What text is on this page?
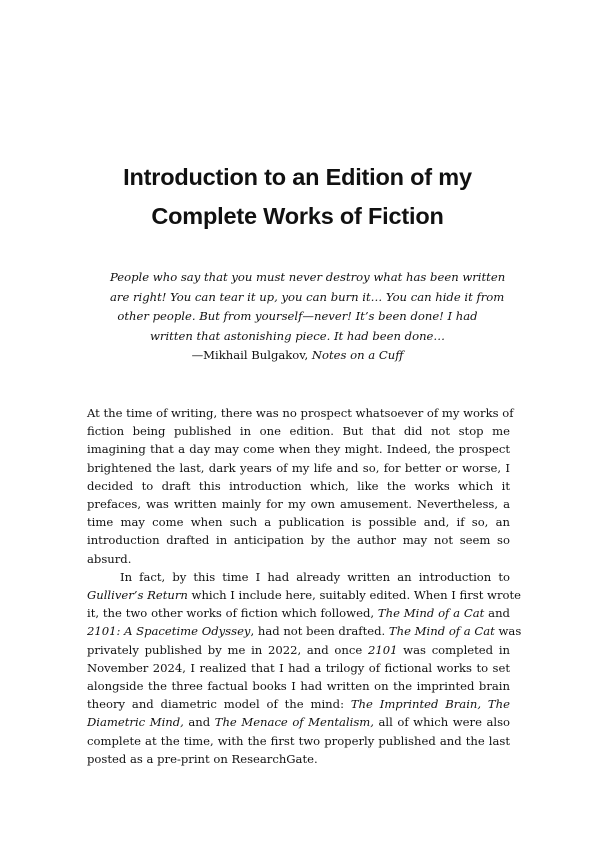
Introduction to an Edition of my
Complete Works of Fiction
People who say that you must never destroy what has been written
are right! You can tear it up, you can burn it… You can hide it from
other people. But from yourself—never! It’s been done! I had
written that astonishing piece. It had been done…
—Mikhail Bulgakov, Notes on a Cuff
At the time of writing, there was no prospect whatsoever of my works of
fiction being published in one edition. But that did not stop me
imagining that a day may come when they might. Indeed, the prospect
brightened the last, dark years of my life and so, for better or worse, I
decided to draft this introduction which, like the works which it
prefaces, was written mainly for my own amusement. Nevertheless, a
time may come when such a publication is possible and, if so, an
introduction drafted in anticipation by the author may not seem so
absurd.
In fact, by this time I had already written an introduction to
Gulliver’s Return which I include here, suitably edited. When I first wrote
it, the two other works of fiction which followed, The Mind of a Cat and
2101: A Spacetime Odyssey, had not been drafted. The Mind of a Cat was
privately published by me in 2022, and once 2101 was completed in
November 2024, I realized that I had a trilogy of fictional works to set
alongside the three factual books I had written on the imprinted brain
theory and diametric model of the mind: The Imprinted Brain, The
Diametric Mind, and The Menace of Mentalism, all of which were also
complete at the time, with the first two properly published and the last
posted as a pre-print on ResearchGate.
